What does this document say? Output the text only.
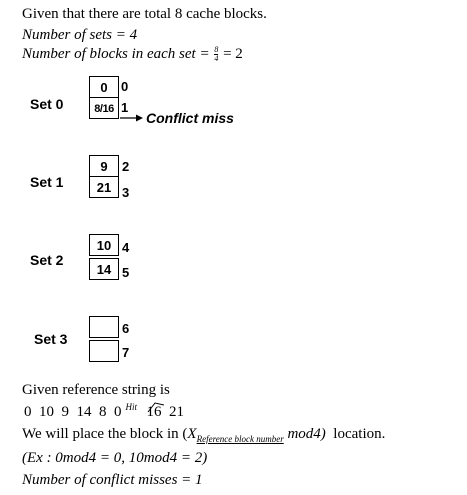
Given that there are total 8 cache blocks.
Number of sets = 4
Number of blocks in each set = $\frac{8}{4} = 2$
Set 0
0
8/16
0
1
Conflict miss
Set 1
9
21
2
3
Set 2
10
14
4
5
Set 3
6
7
Given reference string is
0  10  9  14  8  0 $^{Hit}$  16  21
We will place the block in ($X_{Reference block number}$ mod4)  location.
(Ex : 0mod4 = 0, 10mod4 = 2)
Number of conflict misses = 1
